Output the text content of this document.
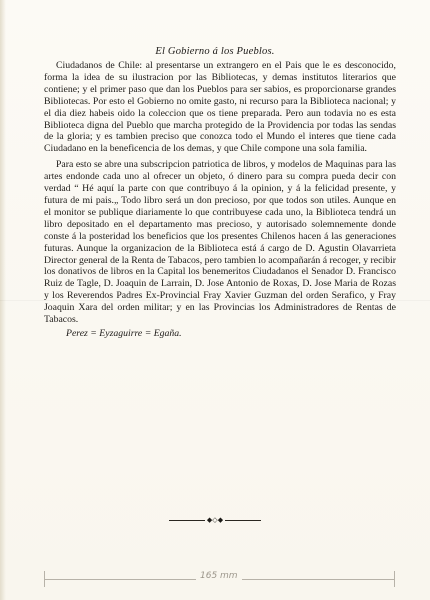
El Gobierno á los Pueblos.

Ciudadanos de Chile: al presentarse un extrangero en el Pais que le es desconocido, forma la idea de su ilustracion por las Bibliotecas, y demas institutos literarios que contiene; y el primer paso que dan los Pueblos para ser sabios, es proporcionarse grandes Bibliotecas. Por esto el Gobierno no omite gasto, ni recurso para la Biblioteca nacional; y el dia diez habeis oido la coleccion que os tiene preparada. Pero aun todavia no es esta Biblioteca digna del Pueblo que marcha protegido de la Providencia por todas las sendas de la gloria; y es tambien preciso que conozca todo el Mundo el interes que tiene cada Ciudadano en la beneficencia de los demas, y que Chile compone una sola familia.

Para esto se abre una subscripcion patriotica de libros, y modelos de Maquinas para las artes endonde cada uno al ofrecer un objeto, ó dinero para su compra pueda decir con verdad “ Hé aquí la parte con que contribuyo á la opinion, y á la felicidad presente, y futura de mi pais.„ Todo libro será un don precioso, por que todos son utiles. Aunque en el monitor se publique diariamente lo que contribuyese cada uno, la Biblioteca tendrá un libro depositado en el departamento mas precioso, y autorisado solemnemente donde conste á la posteridad los beneficios que los presentes Chilenos hacen á las generaciones futuras. Aunque la organizacion de la Biblioteca está á cargo de D. Agustin Olavarrieta Director general de la Renta de Tabacos, pero tambien lo acompañarán á recoger, y recibir los donativos de libros en la Capital los benemeritos Ciudadanos el Senador D. Francisco Ruiz de Tagle, D. Joaquin de Larrain, D. Jose Antonio de Roxas, D. Jose Maria de Rozas y los Reverendos Padres Ex-Provincial Fray Xavier Guzman del orden Serafico, y Fray Joaquin Xara del orden militar; y en las Provincias los Administradores de Rentas de Tabacos.
Perez = Eyzaguirre = Egaña.

◆◇◆
165 mm
